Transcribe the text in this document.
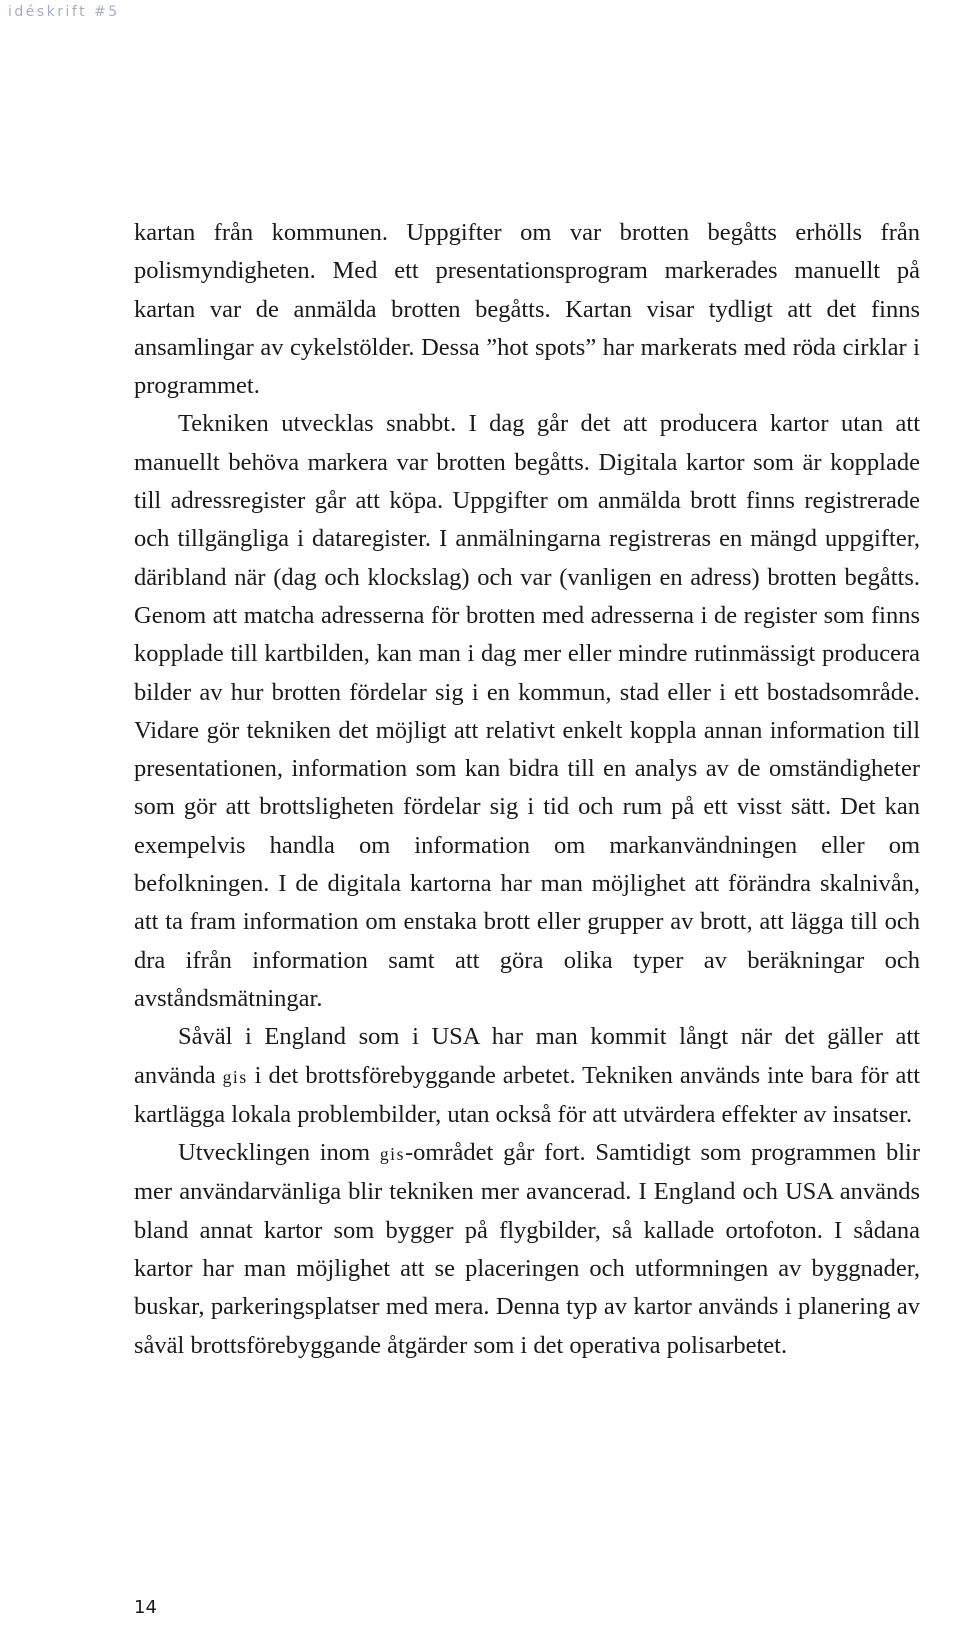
idéskrift #5

kartan från kommunen. Uppgifter om var brotten begåtts erhölls från polismyndigheten. Med ett presentationsprogram markerades manuellt på kartan var de anmälda brotten begåtts. Kartan visar tydligt att det finns ansamlingar av cykelstölder. Dessa ”hot spots” har markerats med röda cirklar i programmet.

Tekniken utvecklas snabbt. I dag går det att producera kartor utan att manuellt behöva markera var brotten begåtts. Digitala kartor som är kopplade till adressregister går att köpa. Uppgifter om anmälda brott finns registrerade och tillgängliga i dataregister. I anmälningarna registreras en mängd uppgifter, däribland när (dag och klockslag) och var (vanligen en adress) brotten begåtts. Genom att matcha adresserna för brotten med adresserna i de register som finns kopplade till kartbilden, kan man i dag mer eller mindre rutinmässigt producera bilder av hur brotten fördelar sig i en kommun, stad eller i ett bostadsområde. Vidare gör tekniken det möjligt att relativt enkelt koppla annan information till presentationen, information som kan bidra till en analys av de omständigheter som gör att brottsligheten fördelar sig i tid och rum på ett visst sätt. Det kan exempelvis handla om information om markanvändningen eller om befolkningen. I de digitala kartorna har man möjlighet att förändra skalnivån, att ta fram information om enstaka brott eller grupper av brott, att lägga till och dra ifrån information samt att göra olika typer av beräkningar och avståndsmätningar.

Såväl i England som i USA har man kommit långt när det gäller att använda gis i det brottsförebyggande arbetet. Tekniken används inte bara för att kartlägga lokala problembilder, utan också för att utvärdera effekter av insatser.

Utvecklingen inom gis-området går fort. Samtidigt som programmen blir mer användarvänliga blir tekniken mer avancerad. I England och USA används bland annat kartor som bygger på flygbilder, så kallade ortofoton. I sådana kartor har man möjlighet att se placeringen och utformningen av byggnader, buskar, parkeringsplatser med mera. Denna typ av kartor används i planering av såväl brottsförebyggande åtgärder som i det operativa polisarbetet.

14
